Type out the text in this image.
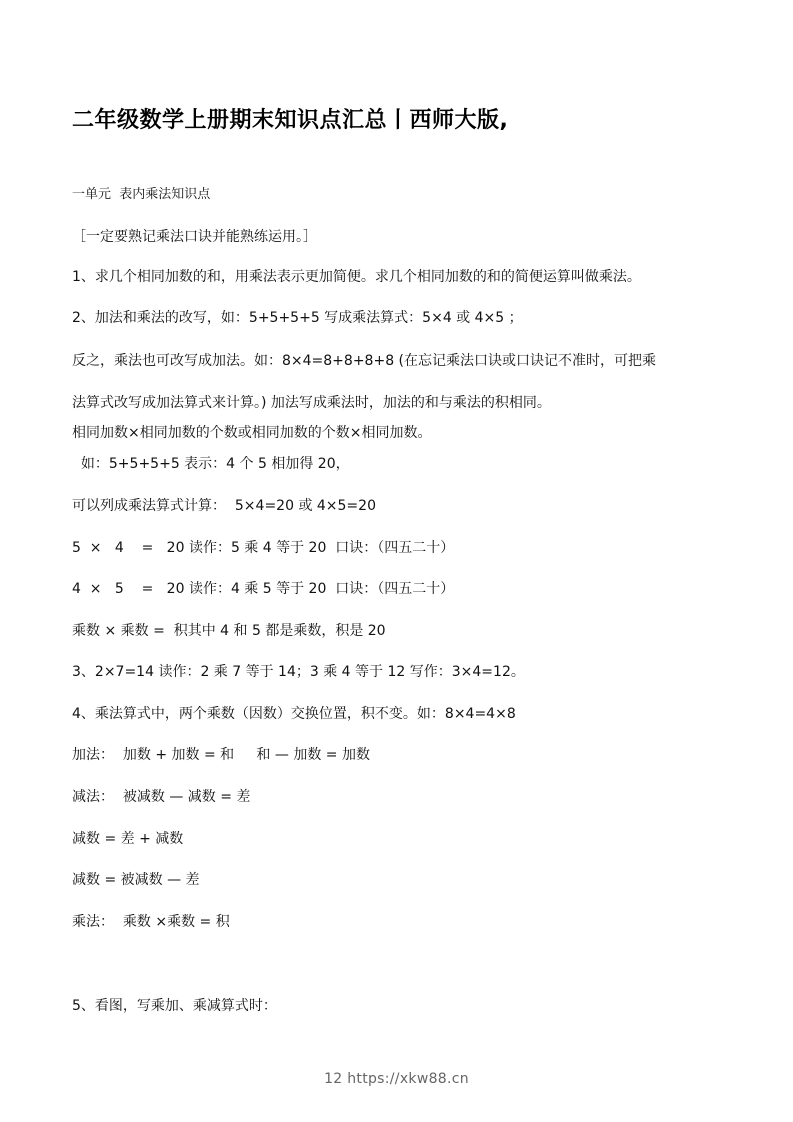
二年级数学上册期末知识点汇总丨西师大版,
一单元  表内乘法知识点
［一定要熟记乘法口诀并能熟练运用。］
1、求几个相同加数的和，用乘法表示更加简便。求几个相同加数的和的简便运算叫做乘法。
2、加法和乘法的改写，如：5+5+5+5 写成乘法算式：5×4 或 4×5 ；
反之，乘法也可改写成加法。如：8×4=8+8+8+8 (在忘记乘法口诀或口诀记不准时，可把乘
法算式改写成加法算式来计算。) 加法写成乘法时，加法的和与乘法的积相同。
相同加数×相同加数的个数或相同加数的个数×相同加数。
如：5+5+5+5 表示：4 个 5 相加得 20，
可以列成乘法算式计算：  5×4=20 或 4×5=20
5  ×   4    =   20 读作：5 乘 4 等于 20  口诀：（四五二十）
4  ×   5    =   20 读作：4 乘 5 等于 20  口诀：（四五二十）
乘数 × 乘数 =  积其中 4 和 5 都是乘数，积是 20
3、2×7=14 读作：2 乘 7 等于 14；3 乘 4 等于 12 写作：3×4=12。
4、乘法算式中，两个乘数（因数）交换位置，积不变。如：8×4=4×8
加法：  加数 + 加数 = 和     和 — 加数 = 加数
减法：  被减数 — 减数 = 差
减数 = 差 + 减数
减数 = 被减数 — 差
乘法：  乘数 ×乘数 = 积
5、看图，写乘加、乘减算式时：
12 https://xkw88.cn
